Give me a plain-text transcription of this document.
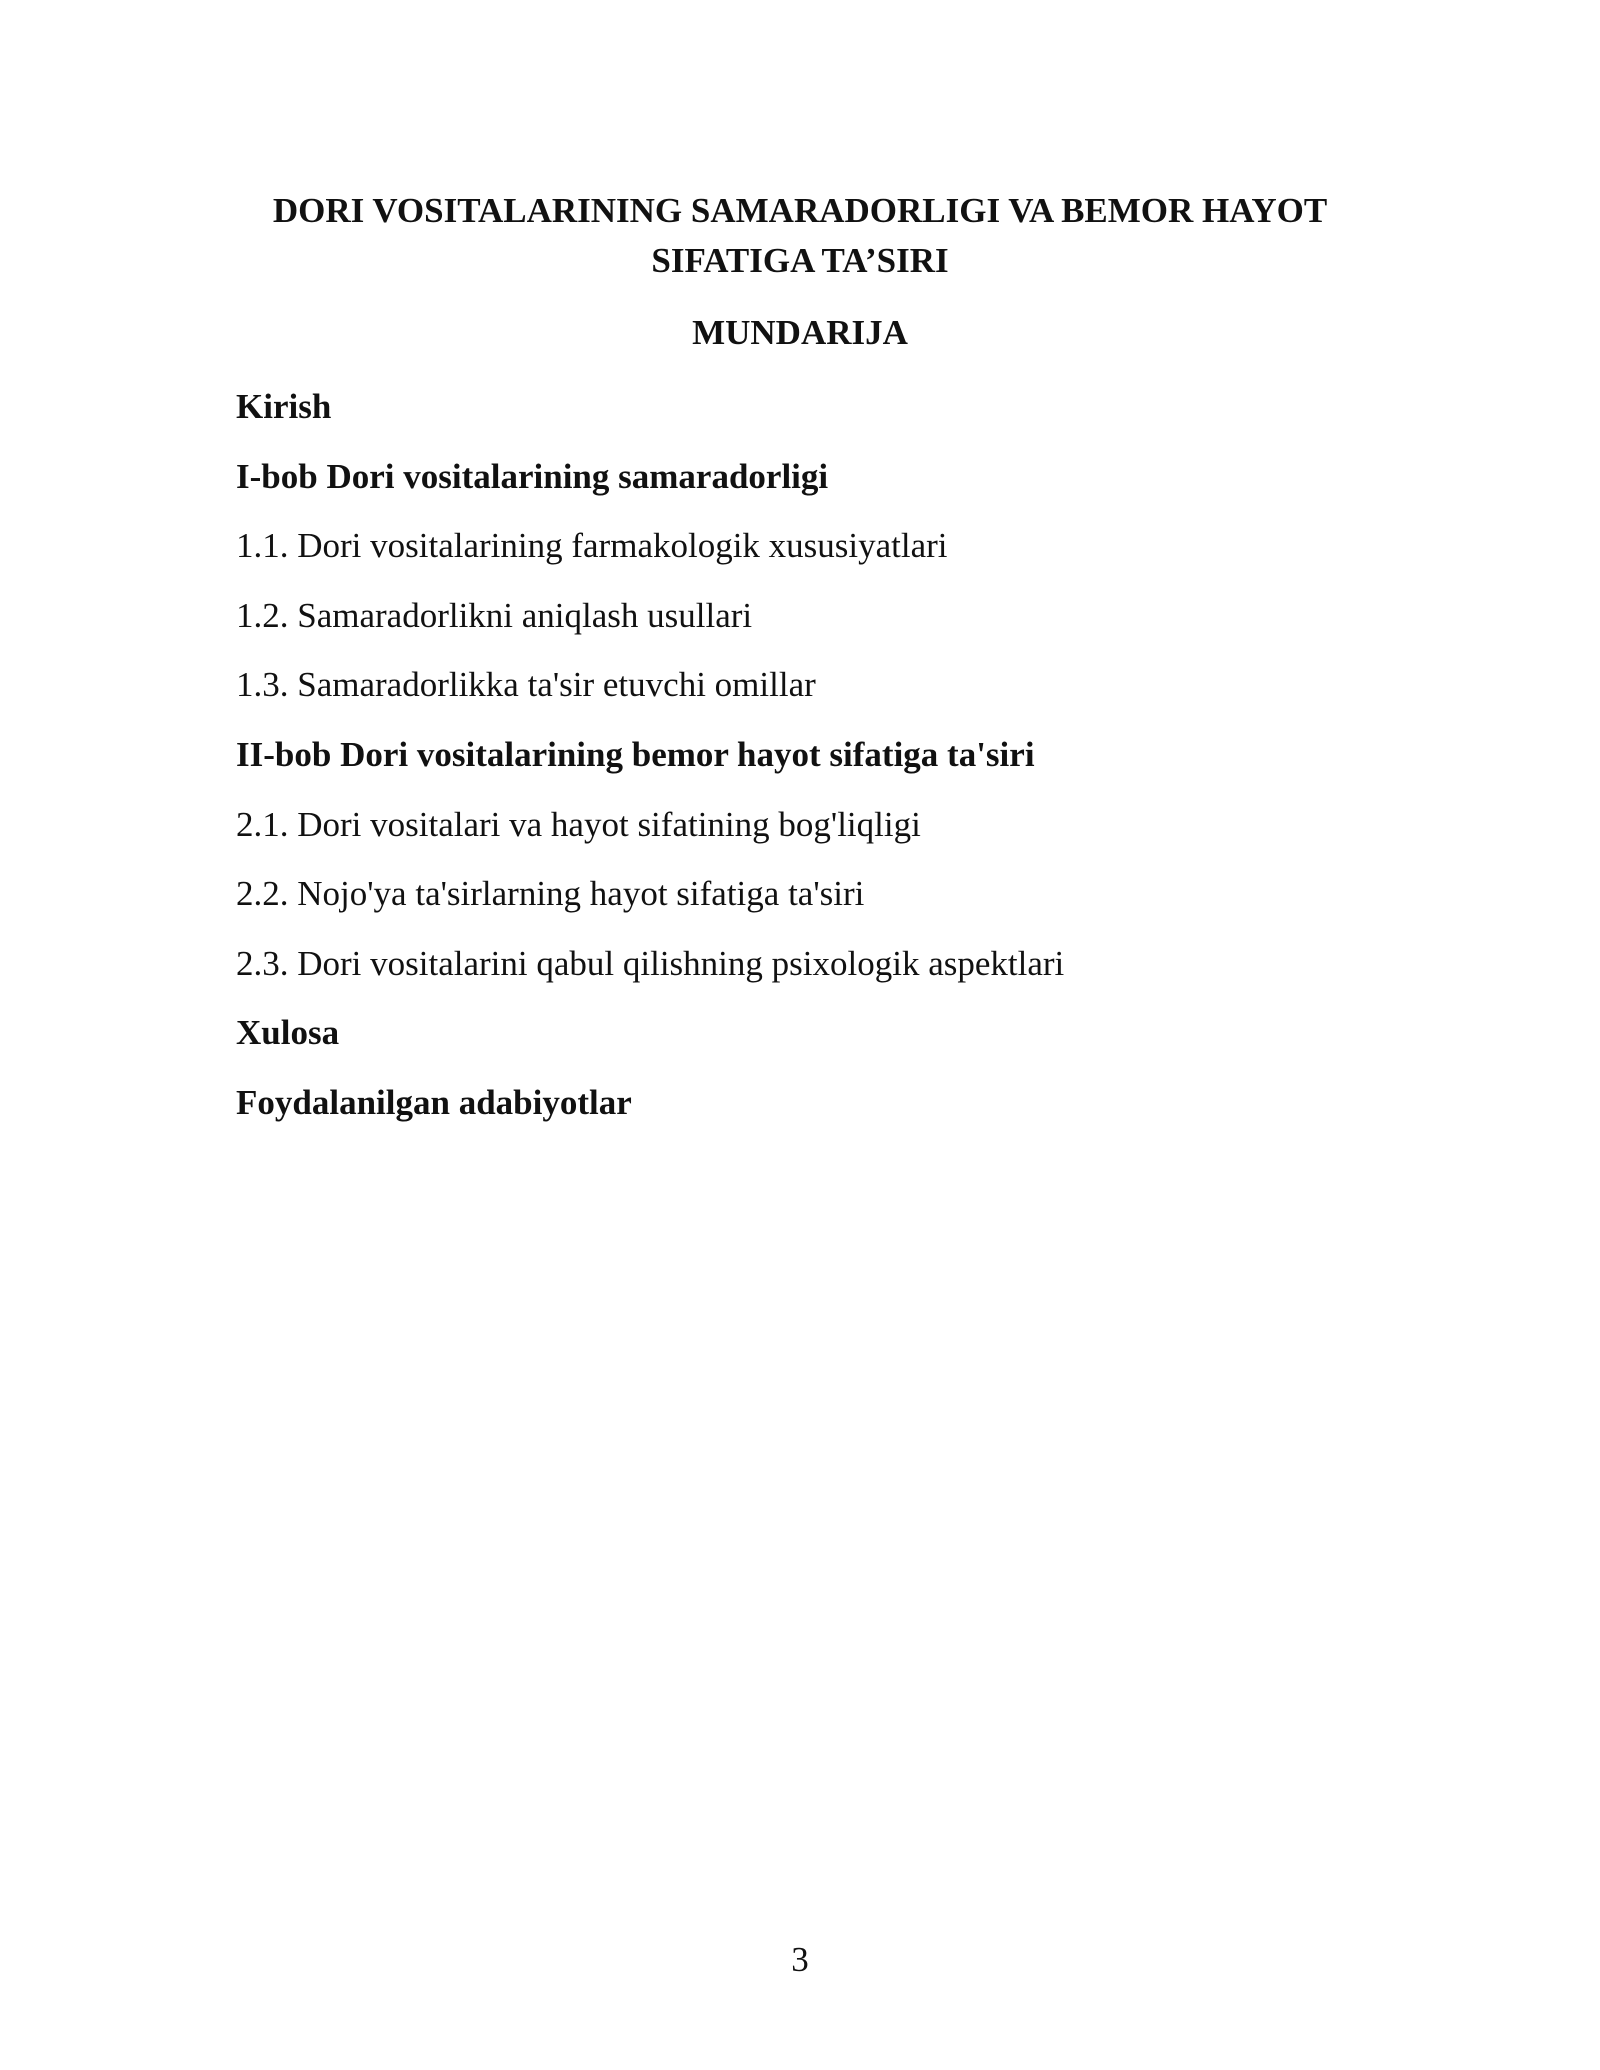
DORI VOSITALARINING SAMARADORLIGI VA BEMOR HAYOT
SIFATIGA TA’SIRI
MUNDARIJA
Kirish
I-bob Dori vositalarining samaradorligi
1.1. Dori vositalarining farmakologik xususiyatlari
1.2. Samaradorlikni aniqlash usullari
1.3. Samaradorlikka ta'sir etuvchi omillar
II-bob Dori vositalarining bemor hayot sifatiga ta'siri
2.1. Dori vositalari va hayot sifatining bog'liqligi
2.2. Nojo'ya ta'sirlarning hayot sifatiga ta'siri
2.3. Dori vositalarini qabul qilishning psixologik aspektlari
Xulosa
Foydalanilgan adabiyotlar
3
